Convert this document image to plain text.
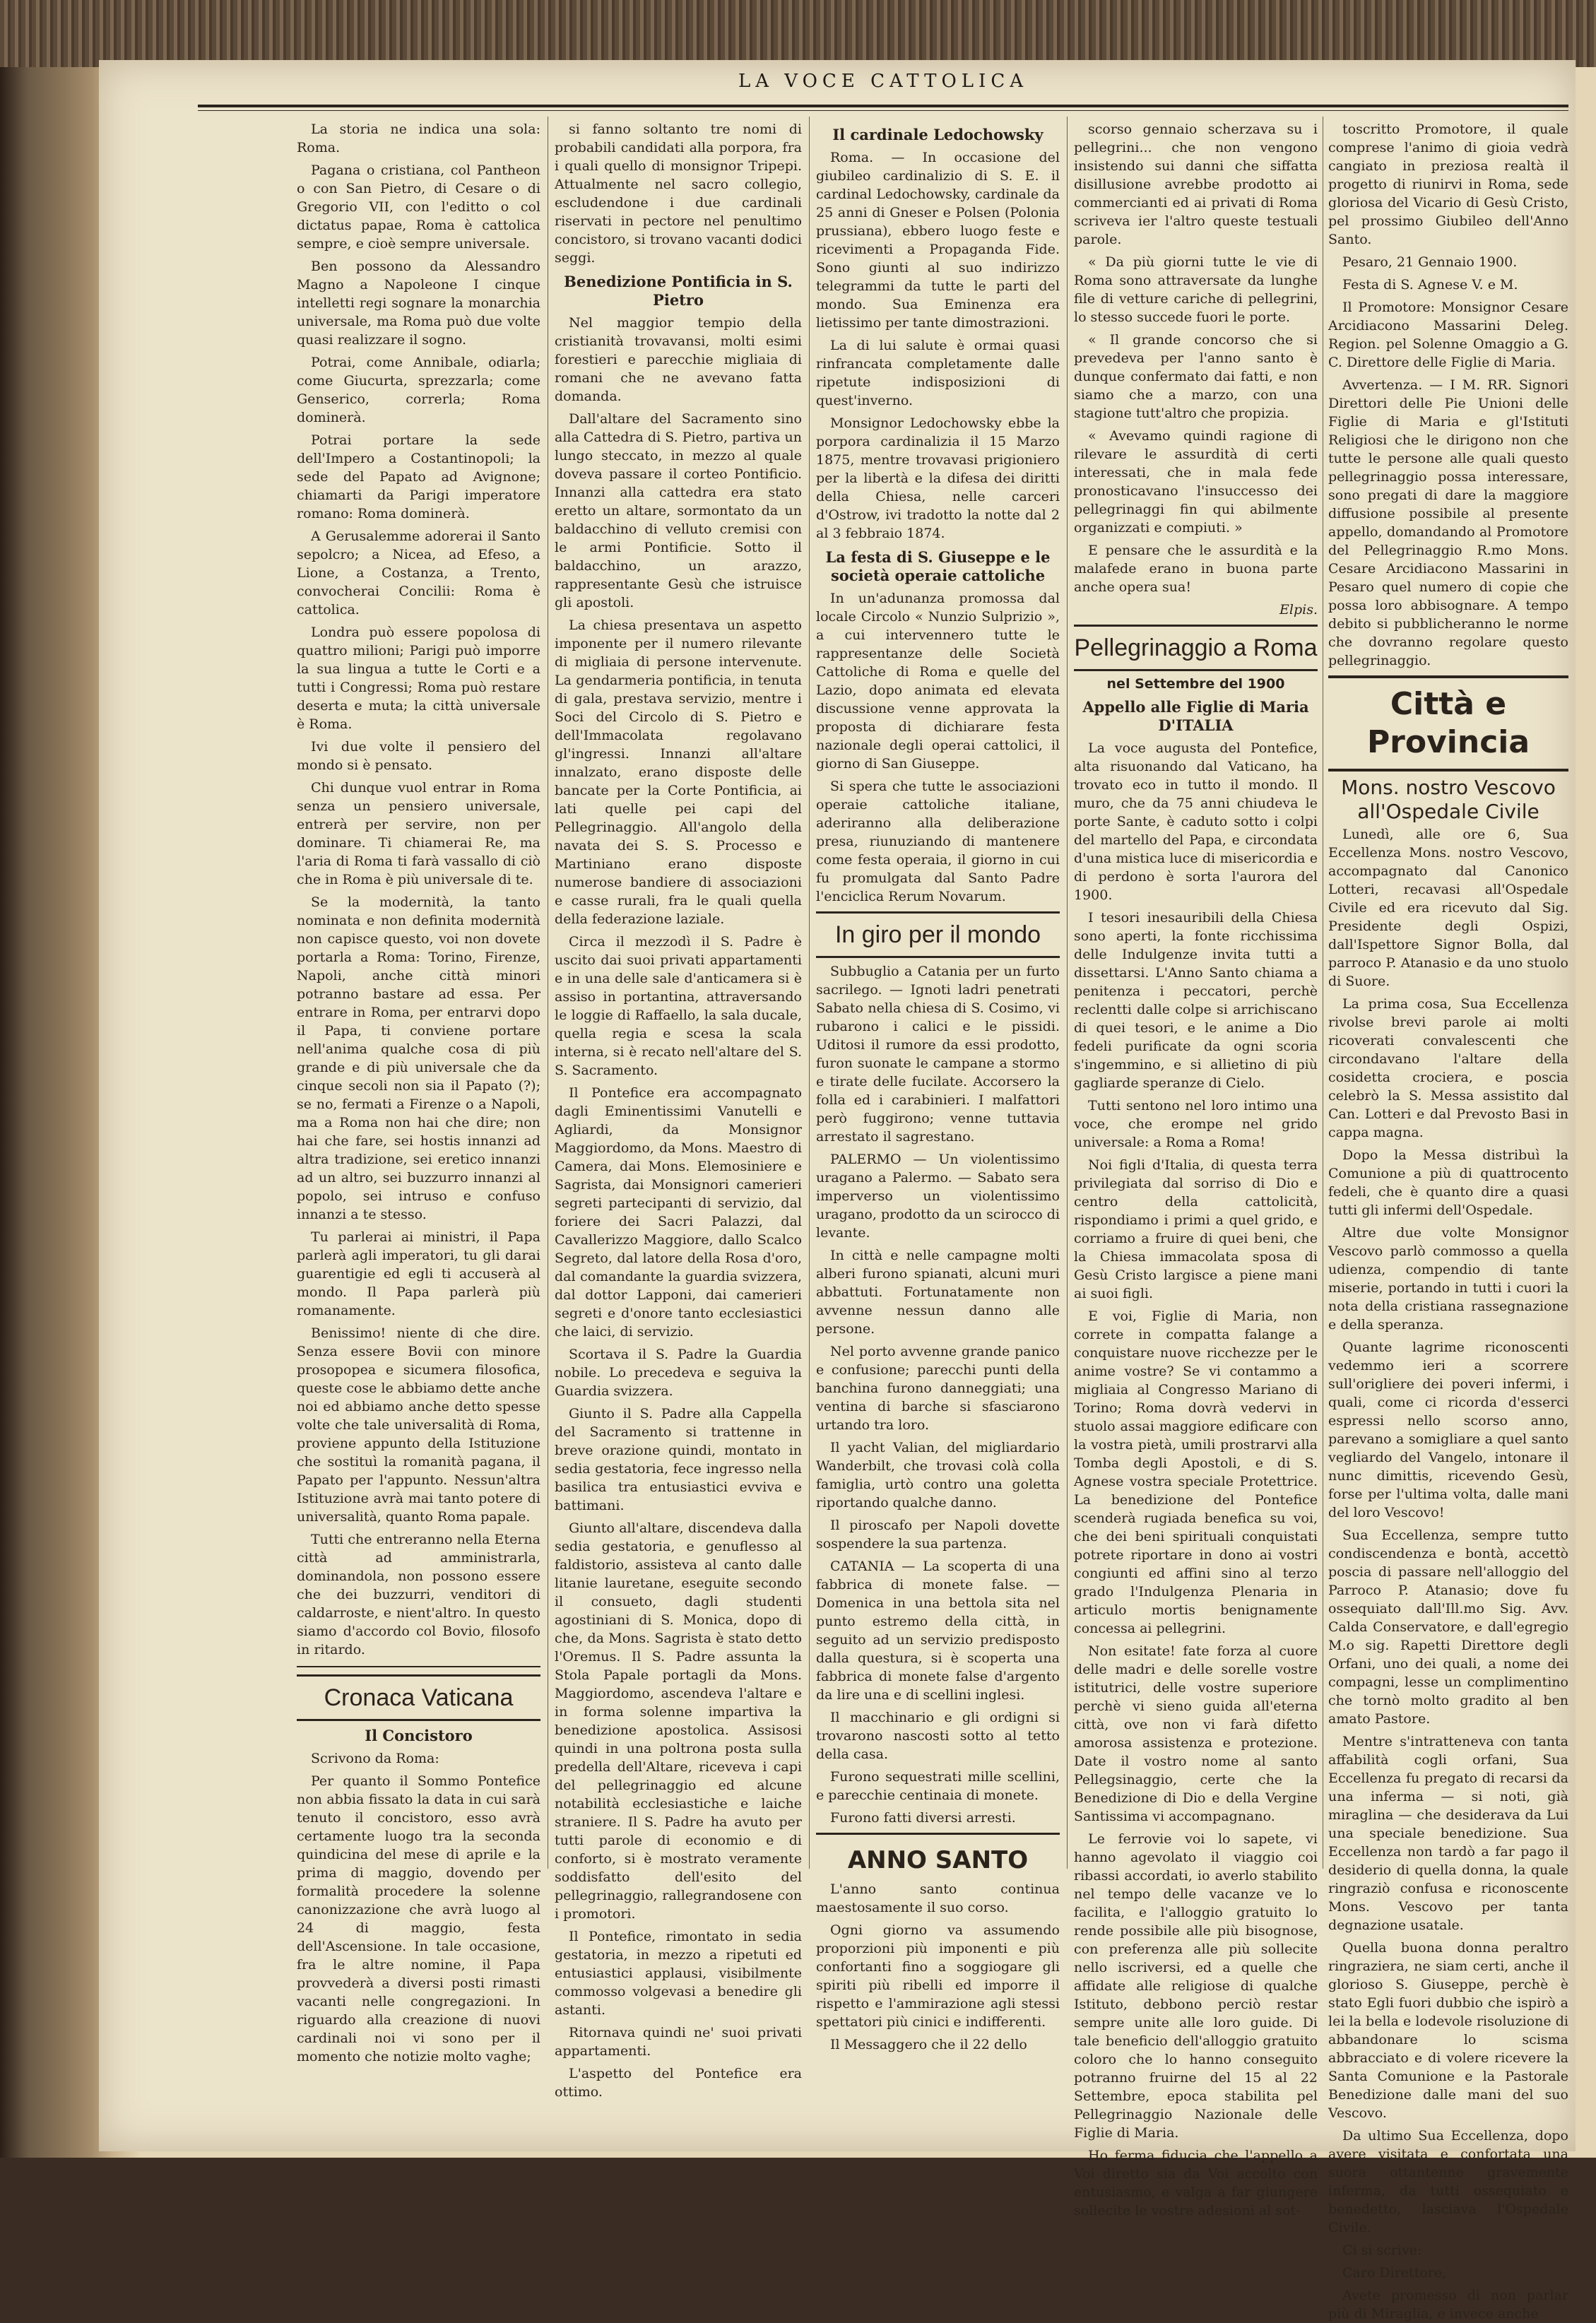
LA VOCE CATTOLICA

La storia ne indica una sola: Roma.

Pagana o cristiana, col Pantheon o con San Pietro, di Cesare o di Gregorio VII, con l'editto o col dictatus papae, Roma è cattolica sempre, e cioè sempre universale.

Ben possono da Alessandro Magno a Napoleone I cinque intelletti regi sognare la monarchia universale, ma Roma può due volte quasi realizzare il sogno.

Potrai, come Annibale, odiarla; come Giucurta, sprezzarla; come Genserico, correrla; Roma dominerà.

Potrai portare la sede dell'Impero a Costantinopoli; la sede del Papato ad Avignone; chiamarti da Parigi imperatore romano: Roma dominerà.

A Gerusalemme adorerai il Santo sepolcro; a Nicea, ad Efeso, a Lione, a Costanza, a Trento, convocherai Concilii: Roma è cattolica.

Londra può essere popolosa di quattro milioni; Parigi può imporre la sua lingua a tutte le Corti e a tutti i Congressi; Roma può restare deserta e muta; la città universale è Roma.

Ivi due volte il pensiero del mondo si è pensato.

Chi dunque vuol entrar in Roma senza un pensiero universale, entrerà per servire, non per dominare. Ti chiamerai Re, ma l'aria di Roma ti farà vassallo di ciò che in Roma è più universale di te.

Se la modernità, la tanto nominata e non definita modernità non capisce questo, voi non dovete portarla a Roma: Torino, Firenze, Napoli, anche città minori potranno bastare ad essa. Per entrare in Roma, per entrarvi dopo il Papa, ti conviene portare nell'anima qualche cosa di più grande e di più universale che da cinque secoli non sia il Papato (?); se no, fermati a Firenze o a Napoli, ma a Roma non hai che dire; non hai che fare, sei hostis innanzi ad altra tradizione, sei eretico innanzi ad un altro, sei buzzurro innanzi al popolo, sei intruso e confuso innanzi a te stesso.

Tu parlerai ai ministri, il Papa parlerà agli imperatori, tu gli darai guarentigie ed egli ti accuserà al mondo. Il Papa parlerà più romanamente.

Benissimo! niente di che dire. Senza essere Bovii con minore prosopopea e sicumera filosofica, queste cose le abbiamo dette anche noi ed abbiamo anche detto spesse volte che tale universalità di Roma, proviene appunto della Istituzione che sostituì la romanità pagana, il Papato per l'appunto. Nessun'altra Istituzione avrà mai tanto potere di universalità, quanto Roma papale.

Tutti che entreranno nella Eterna città ad amministrarla, dominandola, non possono essere che dei buzzurri, venditori di caldarroste, e nient'altro. In questo siamo d'accordo col Bovio, filosofo in ritardo.

Cronaca Vaticana
Il Concistoro

Scrivono da Roma:

Per quanto il Sommo Pontefice non abbia fissato la data in cui sarà tenuto il concistoro, esso avrà certamente luogo tra la seconda quindicina del mese di aprile e la prima di maggio, dovendo per formalità procedere la solenne canonizzazione che avrà luogo al 24 di maggio, festa dell'Ascensione. In tale occasione, fra le altre nomine, il Papa provvederà a diversi posti rimasti vacanti nelle congregazioni. In riguardo alla creazione di nuovi cardinali noi vi sono per il momento che notizie molto vaghe;

si fanno soltanto tre nomi di probabili candidati alla porpora, fra i quali quello di monsignor Tripepi. Attualmente nel sacro collegio, escludendone i due cardinali riservati in pectore nel penultimo concistoro, si trovano vacanti dodici seggi.

Benedizione Pontificia in S. Pietro

Nel maggior tempio della cristianità trovavansi, molti esimi forestieri e parecchie migliaia di romani che ne avevano fatta domanda.

Dall'altare del Sacramento sino alla Cattedra di S. Pietro, partiva un lungo steccato, in mezzo al quale doveva passare il corteo Pontificio. Innanzi alla cattedra era stato eretto un altare, sormontato da un baldacchino di velluto cremisi con le armi Pontificie. Sotto il baldacchino, un arazzo, rappresentante Gesù che istruisce gli apostoli.

La chiesa presentava un aspetto imponente per il numero rilevante di migliaia di persone intervenute. La gendarmeria pontificia, in tenuta di gala, prestava servizio, mentre i Soci del Circolo di S. Pietro e dell'Immacolata regolavano gl'ingressi. Innanzi all'altare innalzato, erano disposte delle bancate per la Corte Pontificia, ai lati quelle pei capi del Pellegrinaggio. All'angolo della navata dei S. S. Processo e Martiniano erano disposte numerose bandiere di associazioni e casse rurali, fra le quali quella della federazione laziale.

Circa il mezzodì il S. Padre è uscito dai suoi privati appartamenti e in una delle sale d'anticamera si è assiso in portantina, attraversando le loggie di Raffaello, la sala ducale, quella regia e scesa la scala interna, si è recato nell'altare del S. S. Sacramento.

Il Pontefice era accompagnato dagli Eminentissimi Vanutelli e Agliardi, da Monsignor Maggiordomo, da Mons. Maestro di Camera, dai Mons. Elemosiniere e Sagrista, dai Monsignori camerieri segreti partecipanti di servizio, dal foriere dei Sacri Palazzi, dal Cavallerizzo Maggiore, dallo Scalco Segreto, dal latore della Rosa d'oro, dal comandante la guardia svizzera, dal dottor Lapponi, dai camerieri segreti e d'onore tanto ecclesiastici che laici, di servizio.

Scortava il S. Padre la Guardia nobile. Lo precedeva e seguiva la Guardia svizzera.

Giunto il S. Padre alla Cappella del Sacramento si trattenne in breve orazione quindi, montato in sedia gestatoria, fece ingresso nella basilica tra entusiastici evviva e battimani.

Giunto all'altare, discendeva dalla sedia gestatoria, e genuflesso al faldistorio, assisteva al canto dalle litanie lauretane, eseguite secondo il consueto, dagli studenti agostiniani di S. Monica, dopo di che, da Mons. Sagrista è stato detto l'Oremus. Il S. Padre assunta la Stola Papale portagli da Mons. Maggiordomo, ascendeva l'altare e in forma solenne impartiva la benedizione apostolica. Assisosi quindi in una poltrona posta sulla predella dell'Altare, riceveva i capi del pellegrinaggio ed alcune notabilità ecclesiastiche e laiche straniere. Il S. Padre ha avuto per tutti parole di economio e di conforto, si è mostrato veramente soddisfatto dell'esito del pellegrinaggio, rallegrandosene con i promotori.

Il Pontefice, rimontato in sedia gestatoria, in mezzo a ripetuti ed entusiastici applausi, visibilmente commosso volgevasi a benedire gli astanti.

Ritornava quindi ne' suoi privati appartamenti.

L'aspetto del Pontefice era ottimo.

Il cardinale Ledochowsky

Roma. — In occasione del giubileo cardinalizio di S. E. il cardinal Ledochowsky, cardinale da 25 anni di Gneser e Polsen (Polonia prussiana), ebbero luogo feste e ricevimenti a Propaganda Fide. Sono giunti al suo indirizzo telegrammi da tutte le parti del mondo. Sua Eminenza era lietissimo per tante dimostrazioni.

La di lui salute è ormai quasi rinfrancata completamente dalle ripetute indisposizioni di quest'inverno.

Monsignor Ledochowsky ebbe la porpora cardinalizia il 15 Marzo 1875, mentre trovavasi prigioniero per la libertà e la difesa dei diritti della Chiesa, nelle carceri d'Ostrow, ivi tradotto la notte dal 2 al 3 febbraio 1874.

La festa di S. Giuseppe e le società operaie cattoliche

In un'adunanza promossa dal locale Circolo « Nunzio Sulprizio », a cui intervennero tutte le rappresentanze delle Società Cattoliche di Roma e quelle del Lazio, dopo animata ed elevata discussione venne approvata la proposta di dichiarare festa nazionale degli operai cattolici, il giorno di San Giuseppe.

Si spera che tutte le associazioni operaie cattoliche italiane, aderiranno alla deliberazione presa, riunuziando di mantenere come festa operaia, il giorno in cui fu promulgata dal Santo Padre l'enciclica Rerum Novarum.

In giro per il mondo

Subbuglio a Catania per un furto sacrilego. — Ignoti ladri penetrati Sabato nella chiesa di S. Cosimo, vi rubarono i calici e le pissidi. Uditosi il rumore da essi prodotto, furon suonate le campane a stormo e tirate delle fucilate. Accorsero la folla ed i carabinieri. I malfattori però fuggirono; venne tuttavia arrestato il sagrestano.

PALERMO — Un violentissimo uragano a Palermo. — Sabato sera imperverso un violentissimo uragano, prodotto da un scirocco di levante.

In città e nelle campagne molti alberi furono spianati, alcuni muri abbattuti. Fortunatamente non avvenne nessun danno alle persone.

Nel porto avvenne grande panico e confusione; parecchi punti della banchina furono danneggiati; una ventina di barche si sfasciarono urtando tra loro.

Il yacht Valian, del migliardario Wanderbilt, che trovasi colà colla famiglia, urtò contro una goletta riportando qualche danno.

Il piroscafo per Napoli dovette sospendere la sua partenza.

CATANIA — La scoperta di una fabbrica di monete false. — Domenica in una bettola sita nel punto estremo della città, in seguito ad un servizio predisposto dalla questura, si è scoperta una fabbrica di monete false d'argento da lire una e di scellini inglesi.

Il macchinario e gli ordigni si trovarono nascosti sotto al tetto della casa.

Furono sequestrati mille scellini, e parecchie centinaia di monete.

Furono fatti diversi arresti.

ANNO SANTO

L'anno santo continua maestosamente il suo corso.

Ogni giorno va assumendo proporzioni più imponenti e più confortanti fino a soggiogare gli spiriti più ribelli ed imporre il rispetto e l'ammirazione agli stessi spettatori più cinici e indifferenti.

Il Messaggero che il 22 dello

scorso gennaio scherzava su i pellegrini... che non vengono insistendo sui danni che siffatta disillusione avrebbe prodotto ai commercianti ed ai privati di Roma scriveva ier l'altro queste testuali parole.

« Da più giorni tutte le vie di Roma sono attraversate da lunghe file di vetture cariche di pellegrini, lo stesso succede fuori le porte.

« Il grande concorso che si prevedeva per l'anno santo è dunque confermato dai fatti, e non siamo che a marzo, con una stagione tutt'altro che propizia.

« Avevamo quindi ragione di rilevare le assurdità di certi interessati, che in mala fede pronosticavano l'insuccesso dei pellegrinaggi fin qui abilmente organizzati e compiuti. »

E pensare che le assurdità e la malafede erano in buona parte anche opera sua!

Elpis.
Pellegrinaggio a Roma
nel Settembre del 1900
Appello alle Figlie di Maria D'ITALIA

La voce augusta del Pontefice, alta risuonando dal Vaticano, ha trovato eco in tutto il mondo. Il muro, che da 75 anni chiudeva le porte Sante, è caduto sotto i colpi del martello del Papa, e circondata d'una mistica luce di misericordia e di perdono è sorta l'aurora del 1900.

I tesori inesauribili della Chiesa sono aperti, la fonte ricchissima delle Indulgenze invita tutti a dissettarsi. L'Anno Santo chiama a penitenza i peccatori, perchè reclentti dalle colpe si arrichiscano di quei tesori, e le anime a Dio fedeli purificate da ogni scoria s'ingemmino, e si allietino di più gagliarde speranze di Cielo.

Tutti sentono nel loro intimo una voce, che erompe nel grido universale: a Roma a Roma!

Noi figli d'Italia, di questa terra privilegiata dal sorriso di Dio e centro della cattolicità, rispondiamo i primi a quel grido, e corriamo a fruire di quei beni, che la Chiesa immacolata sposa di Gesù Cristo largisce a piene mani ai suoi figli.

E voi, Figlie di Maria, non correte in compatta falange a conquistare nuove ricchezze per le anime vostre? Se vi contammo a migliaia al Congresso Mariano di Torino; Roma dovrà vedervi in stuolo assai maggiore edificare con la vostra pietà, umili prostrarvi alla Tomba degli Apostoli, e di S. Agnese vostra speciale Protettrice. La benedizione del Pontefice scenderà rugiada benefica su voi, che dei beni spirituali conquistati potrete riportare in dono ai vostri congiunti ed affini sino al terzo grado l'Indulgenza Plenaria in articulo mortis benignamente concessa ai pellegrini.

Non esitate! fate forza al cuore delle madri e delle sorelle vostre istitutrici, delle vostre superiore perchè vi sieno guida all'eterna città, ove non vi farà difetto amorosa assistenza e protezione. Date il vostro nome al santo Pellegsinaggio, certe che la Benedizione di Dio e della Vergine Santissima vi accompagnano.

Le ferrovie voi lo sapete, vi hanno agevolato il viaggio coi ribassi accordati, io averlo stabilito nel tempo delle vacanze ve lo facilita, e l'alloggio gratuito lo rende possibile alle più bisognose, con preferenza alle più sollecite nello iscriversi, ed a quelle che affidate alle religiose di qualche Istituto, debbono perciò restar sempre unite alle loro guide. Di tale beneficio dell'alloggio gratuito coloro che lo hanno conseguito potranno fruirne del 15 al 22 Settembre, epoca stabilita pel Pellegrinaggio Nazionale delle Figlie di Maria.

Ho ferma fiducia che l'appello a Voi diretto sia da Voi accolto con entusiasmo, e valga a far giungere sollecite le vostre adesioni al sot-

toscritto Promotore, il quale comprese l'animo di gioia vedrà cangiato in preziosa realtà il progetto di riunirvi in Roma, sede gloriosa del Vicario di Gesù Cristo, pel prossimo Giubileo dell'Anno Santo.

Pesaro, 21 Gennaio 1900.

Festa di S. Agnese V. e M.

Il Promotore: Monsignor Cesare Arcidiacono Massarini Deleg. Region. pel Solenne Omaggio a G. C. Direttore delle Figlie di Maria.

Avvertenza. — I M. RR. Signori Direttori delle Pie Unioni delle Figlie di Maria e gl'Istituti Religiosi che le dirigono non che tutte le persone alle quali questo pellegrinaggio possa interessare, sono pregati di dare la maggiore diffusione possibile al presente appello, domandando al Promotore del Pellegrinaggio R.mo Mons. Cesare Arcidiacono Massarini in Pesaro quel numero di copie che possa loro abbisognare. A tempo debito si pubblicheranno le norme che dovranno regolare questo pellegrinaggio.

Città e Provincia
Mons. nostro Vescovo all'Ospedale Civile

Lunedì, alle ore 6, Sua Eccellenza Mons. nostro Vescovo, accompagnato dal Canonico Lotteri, recavasi all'Ospedale Civile ed era ricevuto dal Sig. Presidente degli Ospizi, dall'Ispettore Signor Bolla, dal parroco P. Atanasio e da uno stuolo di Suore.

La prima cosa, Sua Eccellenza rivolse brevi parole ai molti ricoverati convalescenti che circondavano l'altare della cosidetta crociera, e poscia celebrò la S. Messa assistito dal Can. Lotteri e dal Prevosto Basi in cappa magna.

Dopo la Messa distribuì la Comunione a più di quattrocento fedeli, che è quanto dire a quasi tutti gli infermi dell'Ospedale.

Altre due volte Monsignor Vescovo parlò commosso a quella udienza, compendio di tante miserie, portando in tutti i cuori la nota della cristiana rassegnazione e della speranza.

Quante lagrime riconoscenti vedemmo ieri a scorrere sull'origliere dei poveri infermi, i quali, come ci ricorda d'esserci espressi nello scorso anno, parevano a somigliare a quel santo vegliardo del Vangelo, intonare il nunc dimittis, ricevendo Gesù, forse per l'ultima volta, dalle mani del loro Vescovo!

Sua Eccellenza, sempre tutto condiscendenza e bontà, accettò poscia di passare nell'alloggio del Parroco P. Atanasio; dove fu ossequiato dall'Ill.mo Sig. Avv. Calda Conservatore, e dall'egregio M.o sig. Rapetti Direttore degli Orfani, uno dei quali, a nome dei compagni, lesse un complimentino che tornò molto gradito al ben amato Pastore.

Mentre s'intratteneva con tanta affabilità cogli orfani, Sua Eccellenza fu pregato di recarsi da una inferma — si noti, già miraglina — che desiderava da Lui una speciale benedizione. Sua Eccellenza non tardò a far pago il desiderio di quella donna, la quale ringraziò confusa e riconoscente Mons. Vescovo per tanta degnazione usatale.

Quella buona donna peraltro ringraziera, ne siam certi, anche il glorioso S. Giuseppe, perchè è stato Egli fuori dubbio che ispirò a lei la bella e lodevole risoluzione di abbandonare lo scisma abbracciato e di volere ricevere la Santa Comunione e la Pastorale Benedizione dalle mani del suo Vescovo.

Da ultimo Sua Eccellenza, dopo avere visitata e confortata una suora ottantenne gravemente inferma, da tutti ossequiato e benedetto, lasciava l'Ospedale Civile.

Ci si scrive:

Caro Direttore,

Avete promesso di non parlar più di Miraglia, e invece anche
